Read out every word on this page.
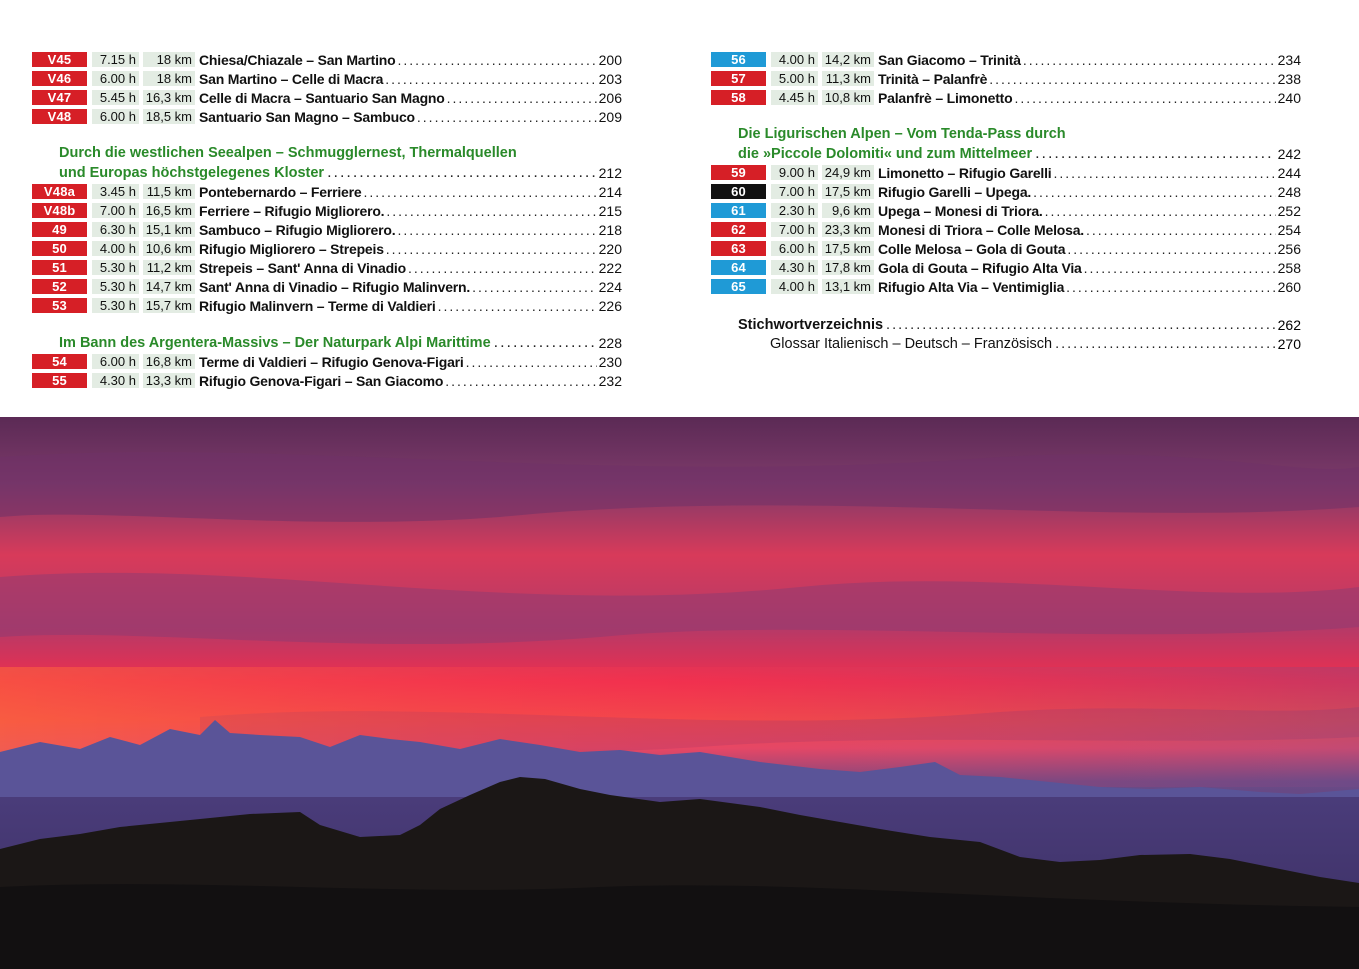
V45	7.15 h	18 km Chiesa/Chiazale – San Martino .....	200
V46	6.00 h	18 km San Martino – Celle di Macra .....	203
V47	5.45 h 16,3 km Celle di Macra – Santuario San Magno .....	206
V48	6.00 h 18,5 km Santuario San Magno – Sambuco .....	209
Durch die westlichen Seealpen – Schmugglernest, Thermalquellen
und Europas höchstgelegenes Kloster .....	212
V48a	3.45 h 11,5 km Pontebernardo – Ferriere .....	214
V48b	7.00 h 16,5 km Ferriere – Rifugio Migliorero. .....	215
49	6.30 h 15,1 km Sambuco – Rifugio Migliorero. .....	218
50	4.00 h 10,6 km Rifugio Migliorero – Strepeis .....	220
51	5.30 h 11,2 km Strepeis – Sant' Anna di Vinadio .....	222
52	5.30 h 14,7 km Sant' Anna di Vinadio – Rifugio Malinvern. .....	224
53	5.30 h 15,7 km Rifugio Malinvern – Terme di Valdieri .....	226
Im Bann des Argentera-Massivs – Der Naturpark Alpi Marittime .....	228
54	6.00 h 16,8 km Terme di Valdieri – Rifugio Genova-Figari .....	230
55	4.30 h 13,3 km Rifugio Genova-Figari – San Giacomo .....	232
56	4.00 h 14,2 km San Giacomo – Trinità .....	234
57	5.00 h 11,3 km Trinità – Palanfrè .....	238
58	4.45 h 10,8 km Palanfrè – Limonetto .....	240
Die Ligurischen Alpen – Vom Tenda-Pass durch
die »Piccole Dolomiti« und zum Mittelmeer .....	242
59	9.00 h 24,9 km Limonetto – Rifugio Garelli .....	244
60	7.00 h 17,5 km Rifugio Garelli – Upega. .....	248
61	2.30 h	9,6 km Upega – Monesi di Triora. .....	252
62	7.00 h 23,3 km Monesi di Triora – Colle Melosa. .....	254
63	6.00 h 17,5 km Colle Melosa – Gola di Gouta .....	256
64	4.30 h 17,8 km Gola di Gouta – Rifugio Alta Via .....	258
65	4.00 h 13,1 km Rifugio Alta Via – Ventimiglia .....	260
Stichwortverzeichnis .....	262
Glossar Italienisch – Deutsch – Französisch .....	270
